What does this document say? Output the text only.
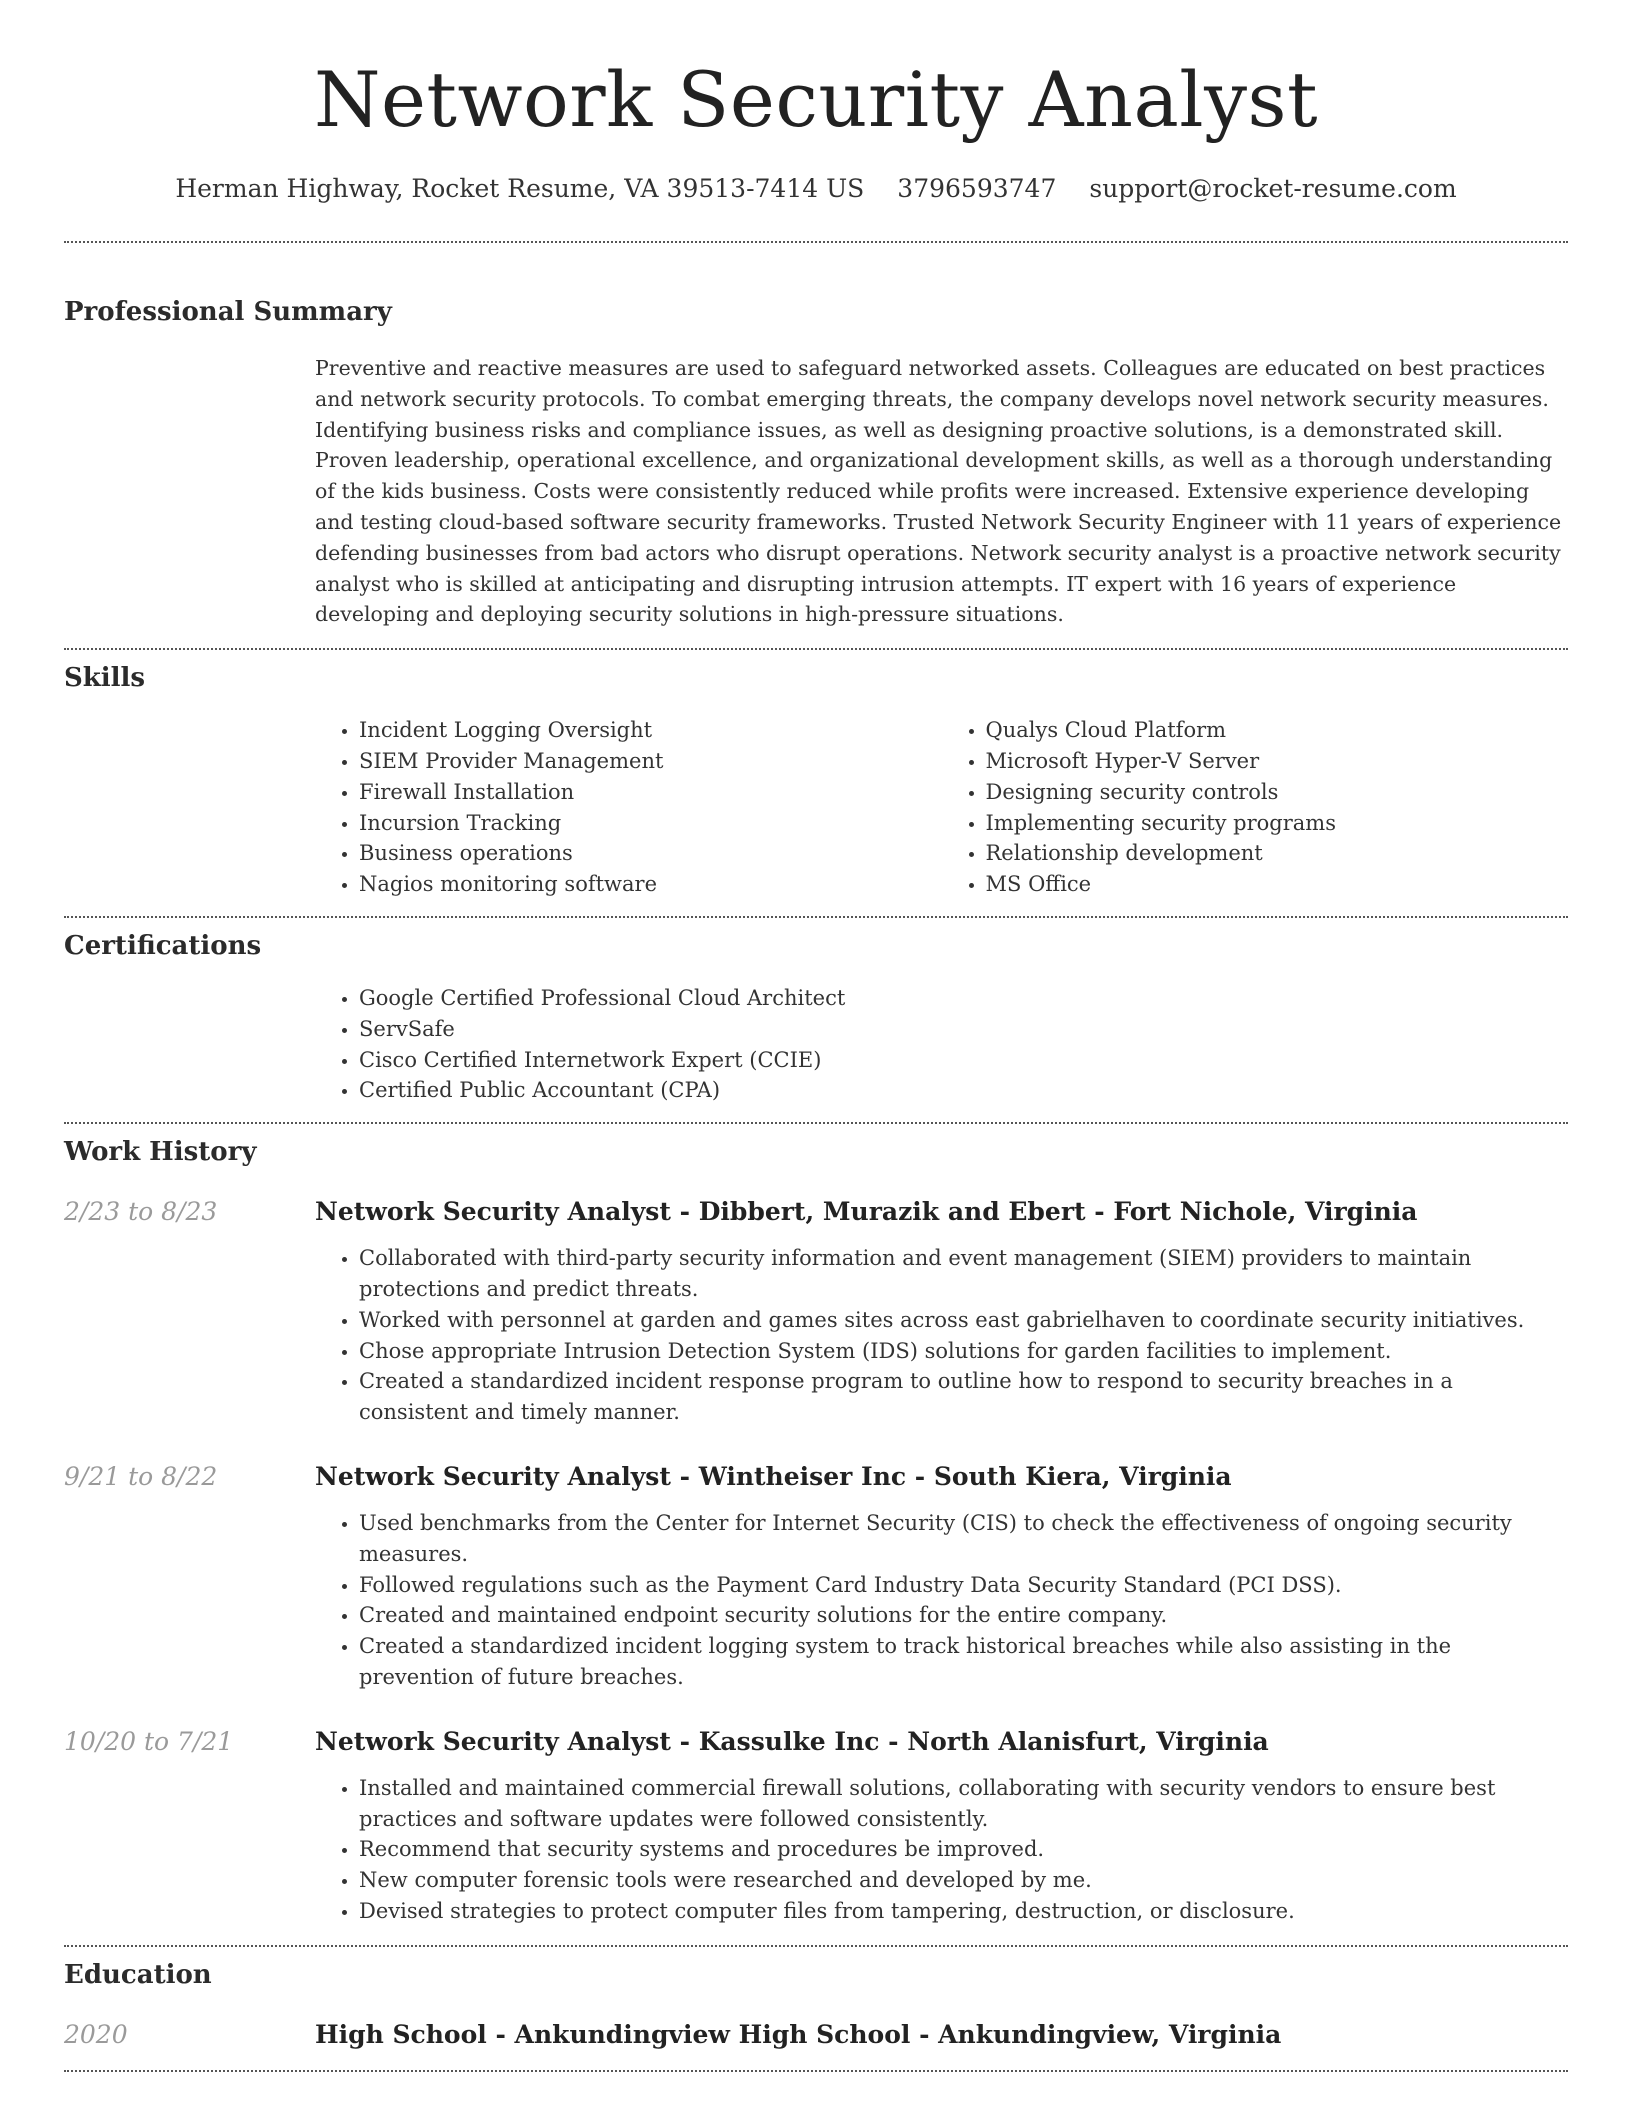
Network Security Analyst
Herman Highway, Rocket Resume, VA 39513-7414 US 3796593747 support@rocket-resume.com
Professional Summary

Preventive and reactive measures are used to safeguard networked assets. Colleagues are educated on best practices and network security protocols. To combat emerging threats, the company develops novel network security measures. Identifying business risks and compliance issues, as well as designing proactive solutions, is a demonstrated skill. Proven leadership, operational excellence, and organizational development skills, as well as a thorough understanding of the kids business. Costs were consistently reduced while profits were increased. Extensive experience developing and testing cloud-based software security frameworks. Trusted Network Security Engineer with 11 years of experience defending businesses from bad actors who disrupt operations. Network security analyst is a proactive network security analyst who is skilled at anticipating and disrupting intrusion attempts. IT expert with 16 years of experience developing and deploying security solutions in high-pressure situations.

Skills
• Incident Logging Oversight
• SIEM Provider Management
• Firewall Installation
• Incursion Tracking
• Business operations
• Nagios monitoring software
• Qualys Cloud Platform
• Microsoft Hyper-V Server
• Designing security controls
• Implementing security programs
• Relationship development
• MS Office
Certifications
• Google Certified Professional Cloud Architect
• ServSafe
• Cisco Certified Internetwork Expert (CCIE)
• Certified Public Accountant (CPA)
Work History
2/23 to 8/23	Network Security Analyst - Dibbert, Murazik and Ebert - Fort Nichole, Virginia
• Collaborated with third-party security information and event management (SIEM) providers to maintain protections and predict threats.
• Worked with personnel at garden and games sites across east gabrielhaven to coordinate security initiatives.
• Chose appropriate Intrusion Detection System (IDS) solutions for garden facilities to implement.
• Created a standardized incident response program to outline how to respond to security breaches in a consistent and timely manner.
9/21 to 8/22	Network Security Analyst - Wintheiser Inc - South Kiera, Virginia
• Used benchmarks from the Center for Internet Security (CIS) to check the effectiveness of ongoing security measures.
• Followed regulations such as the Payment Card Industry Data Security Standard (PCI DSS).
• Created and maintained endpoint security solutions for the entire company.
• Created a standardized incident logging system to track historical breaches while also assisting in the prevention of future breaches.
10/20 to 7/21	Network Security Analyst - Kassulke Inc - North Alanisfurt, Virginia
• Installed and maintained commercial firewall solutions, collaborating with security vendors to ensure best practices and software updates were followed consistently.
• Recommend that security systems and procedures be improved.
• New computer forensic tools were researched and developed by me.
• Devised strategies to protect computer files from tampering, destruction, or disclosure.
Education
2020	High School - Ankundingview High School - Ankundingview, Virginia
